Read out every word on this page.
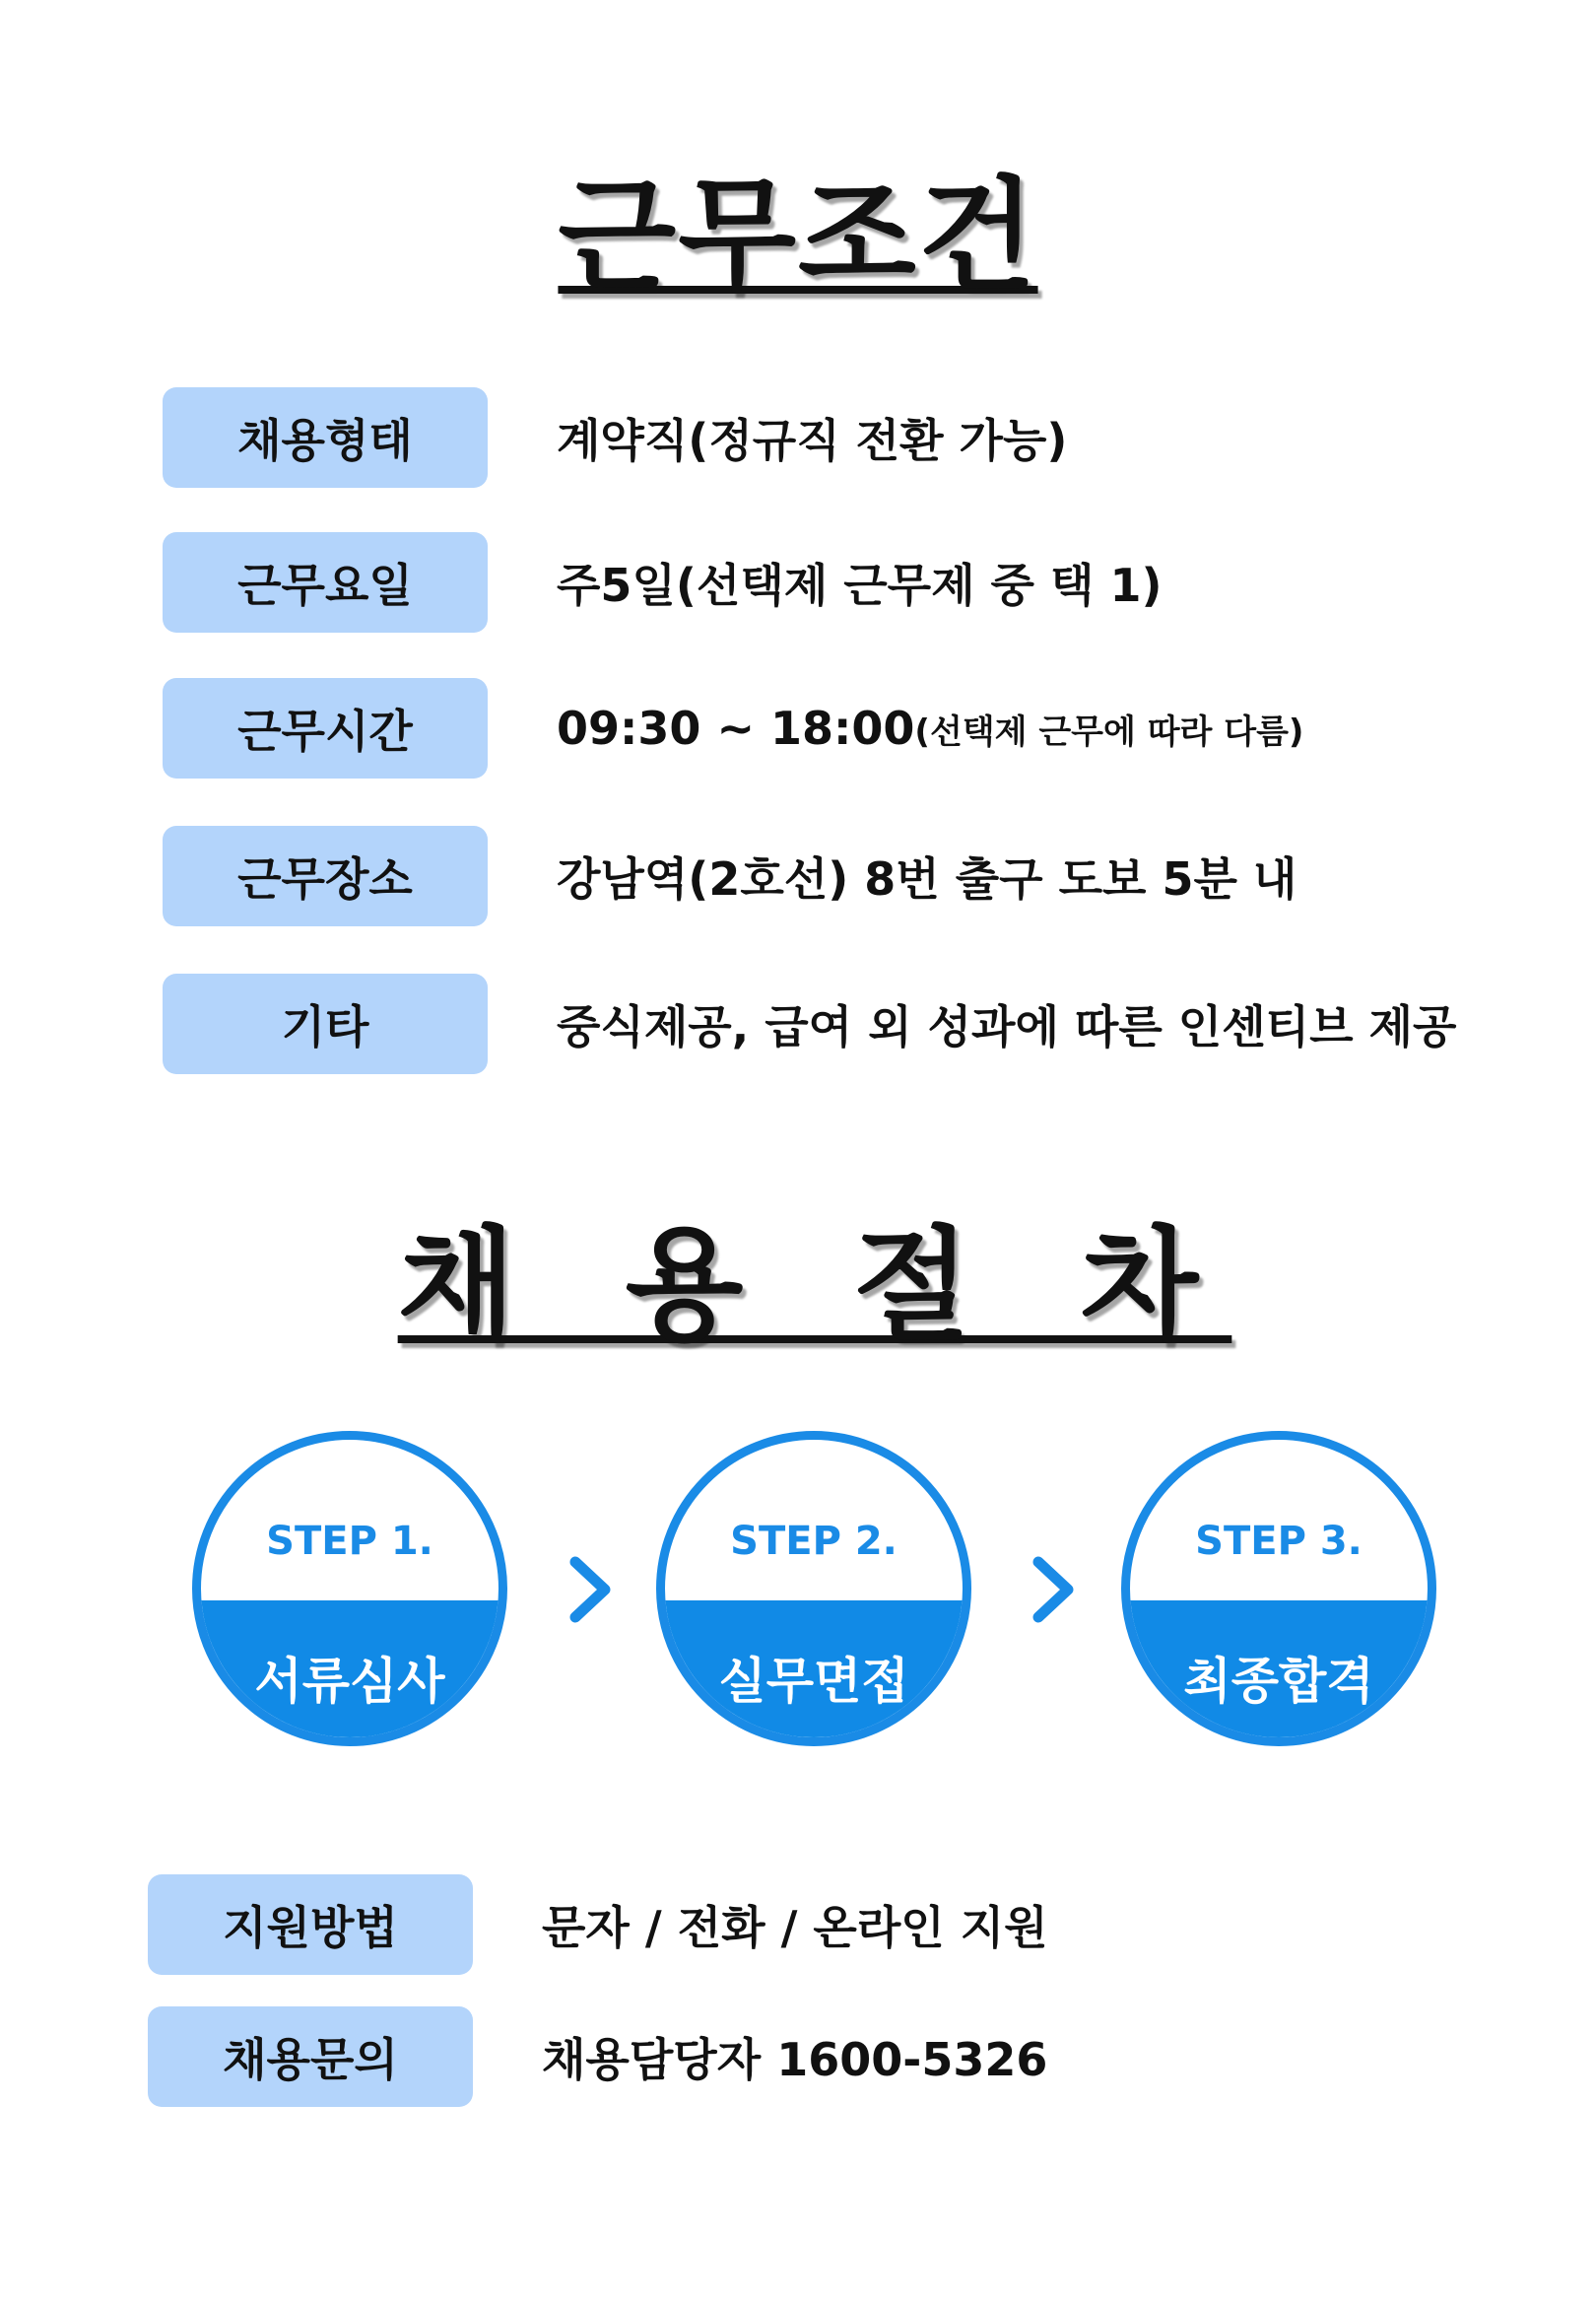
근무조건
채용형태	계약직(정규직 전환 가능)
근무요일	주5일(선택제 근무제 중 택 1)
근무시간	09:30 ~ 18:00 (선택제 근무에 따라 다름)
근무장소	강남역(2호선) 8번 출구 도보 5분 내
기타	중식제공, 급여 외 성과에 따른 인센티브 제공
채 용 절 차
STEP 1.
서류심사
STEP 2.
실무면접
STEP 3.
최종합격
지원방법	문자 / 전화 / 온라인 지원
채용문의	채용담당자 1600-5326
